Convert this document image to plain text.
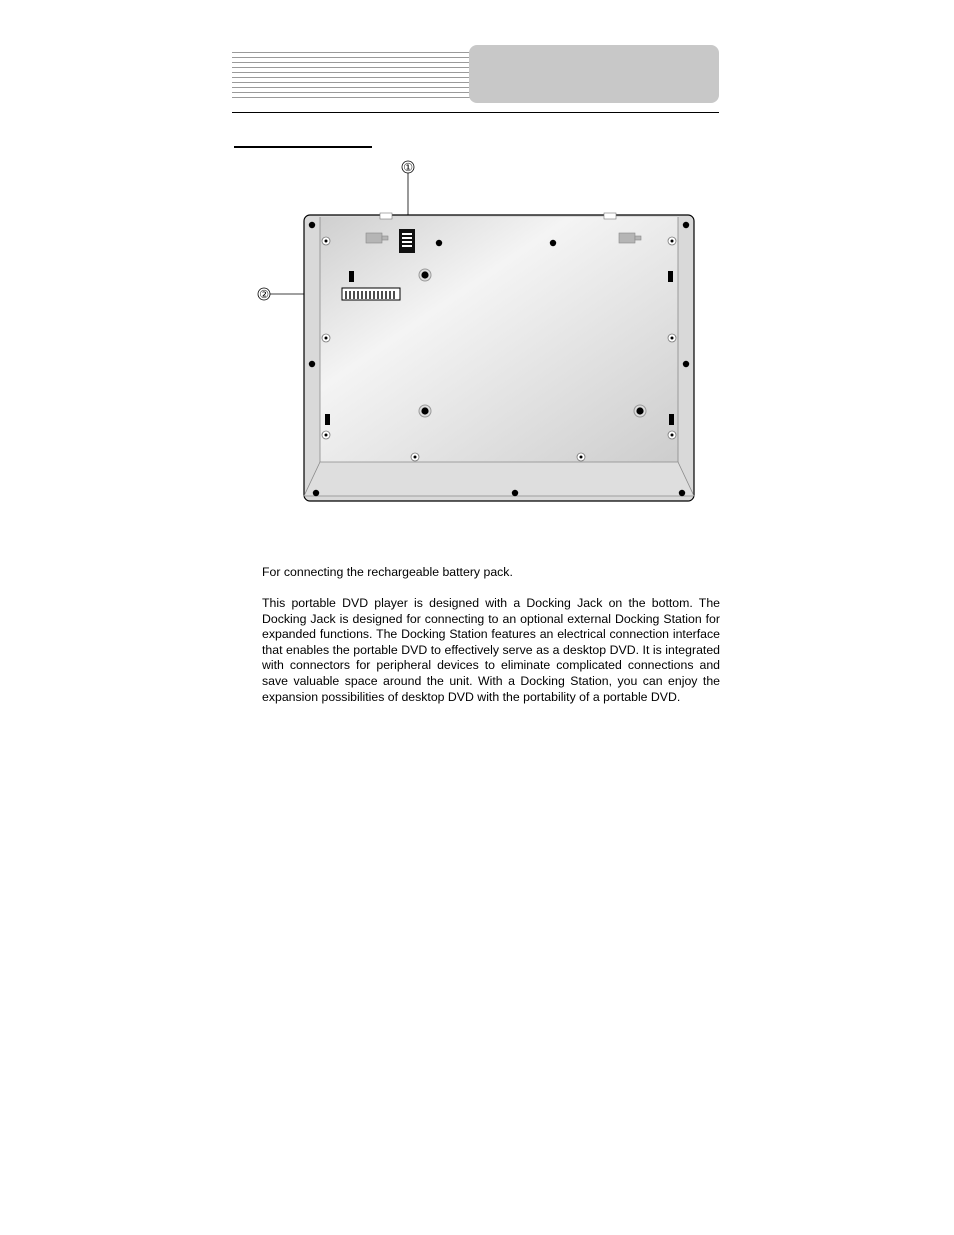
①
②

For connecting the rechargeable battery pack.

This portable DVD player is designed with a Docking Jack on the bottom. The Docking Jack is designed for connecting to an optional external Docking Station for expanded functions. The Docking Station features an electrical connection interface that enables the portable DVD to effectively serve as a desktop DVD. It is integrated with connectors for peripheral devices to eliminate complicated connections and save valuable space around the unit. With a Docking Station, you can enjoy the expansion possibilities of desktop DVD with the portability of a portable DVD.
